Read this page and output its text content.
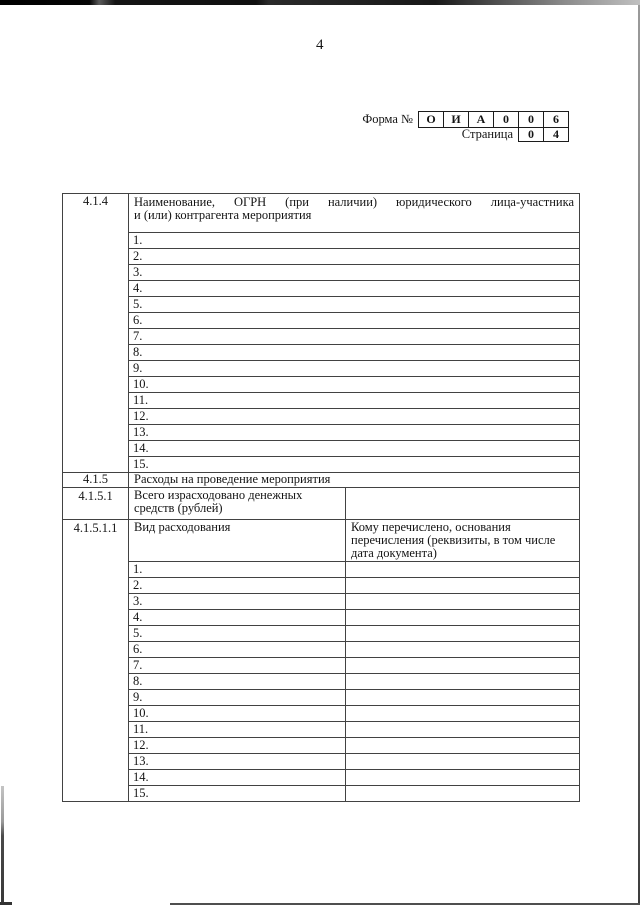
4
Форма №	О	И	А	0	0	6
Страница	0	4
4.1.4	Наименование, ОГРН (при наличии) юридического лица-участника
и (или) контрагента мероприятия	

	1.	
	2.	
	3.	
	4.	
	5.	
	6.	
	7.	
	8.	
	9.	
	10.	
	11.	
	12.	
	13.	
	14.	
	15.	
4.1.5	Расходы на проведение мероприятия	
4.1.5.1	Всего израсходовано денежных средств (рублей)	
4.1.5.1.1	Вид расходования	Кому перечислено, основания перечисления (реквизиты, в том числе дата документа)
	1.	
	2.	
	3.	
	4.	
	5.	
	6.	
	7.	
	8.	
	9.	
	10.	
	11.	
	12.	
	13.	
	14.	
	15.	
